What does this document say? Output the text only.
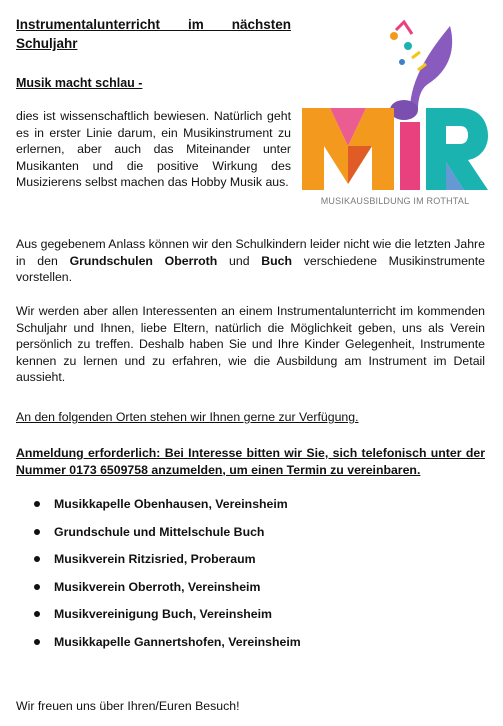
Instrumentalunterricht im nächsten
Schuljahr
Musik macht schlau -
dies ist wissenschaftlich bewiesen. Natürlich geht es in erster Linie darum, ein Musikinstrument zu erlernen, aber auch das Miteinander unter Musikanten und die positive Wirkung des Musizierens selbst machen das Hobby Musik aus.
MUSIKAUSBILDUNG IM ROTHTAL
Aus gegebenem Anlass können wir den Schulkindern leider nicht wie die letzten Jahre in den Grundschulen Oberroth und Buch verschiedene Musikinstrumente vorstellen.
Wir werden aber allen Interessenten an einem Instrumentalunterricht im kommenden Schuljahr und Ihnen, liebe Eltern, natürlich die Möglichkeit geben, uns als Verein persönlich zu treffen. Deshalb haben Sie und Ihre Kinder Gelegenheit, Instrumente kennen zu lernen und zu erfahren, wie die Ausbildung am Instrument im Detail aussieht.
An den folgenden Orten stehen wir Ihnen gerne zur Verfügung.
Anmeldung erforderlich: Bei Interesse bitten wir Sie, sich telefonisch unter der Nummer 0173 6509758 anzumelden, um einen Termin zu vereinbaren.
Musikkapelle Obenhausen, Vereinsheim
Grundschule und Mittelschule Buch
Musikverein Ritzisried, Proberaum
Musikverein Oberroth, Vereinsheim
Musikvereinigung Buch, Vereinsheim
Musikkapelle Gannertshofen, Vereinsheim
Wir freuen uns über Ihren/Euren Besuch!
